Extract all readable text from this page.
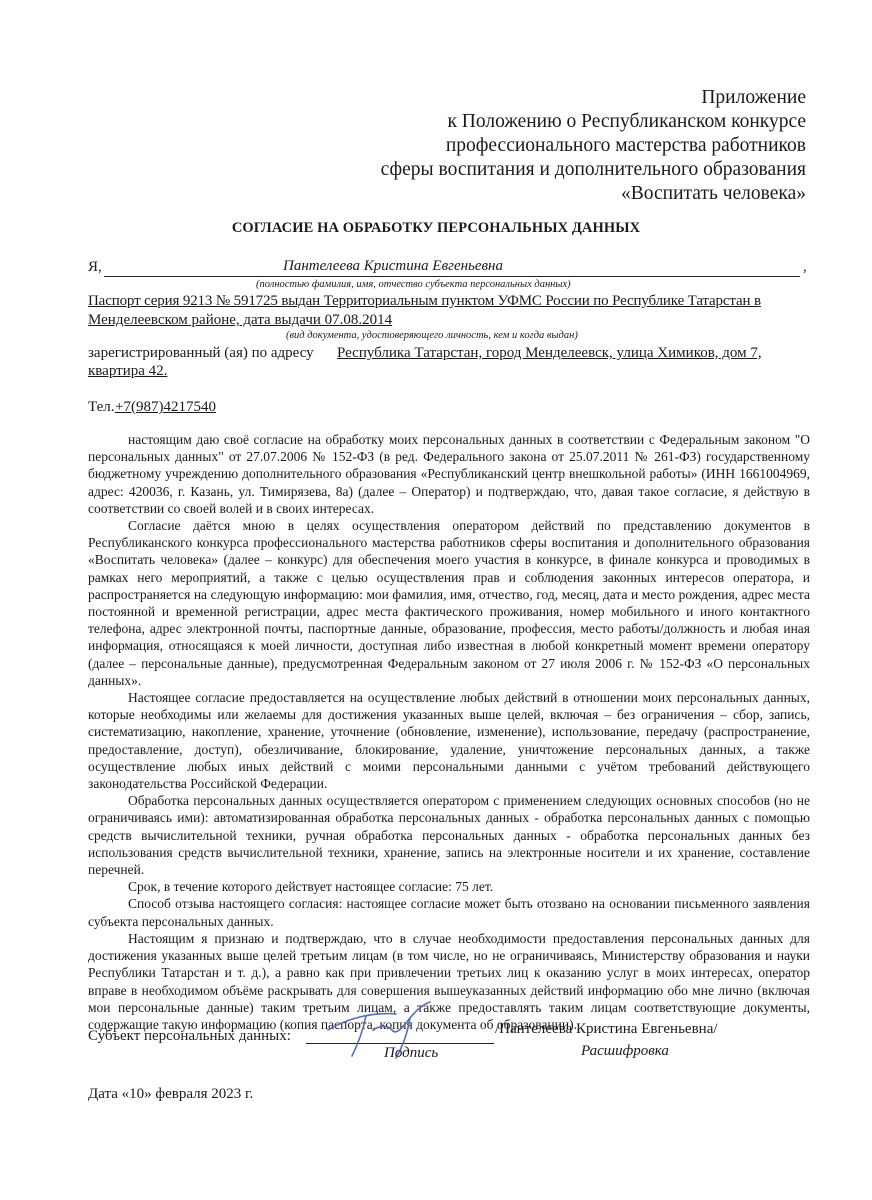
Приложение
к Положению о Республиканском конкурсе
профессионального мастерства работников
сферы воспитания и дополнительного образования
«Воспитать человека»
СОГЛАСИЕ НА ОБРАБОТКУ ПЕРСОНАЛЬНЫХ ДАННЫХ
Я,	Пантелеева Кристина Евгеньевна	,
(полностью фамилия, имя, отчество субъекта персональных данных)
Паспорт серия 9213 № 591725 выдан Территориальным пунктом УФМС России по Республике Татарстан в
Менделеевском районе, дата выдачи 07.08.2014
(вид документа, удостоверяющего личность, кем и когда выдан)
зарегистрированный (ая) по адресу Республика Татарстан, город Менделеевск, улица Химиков, дом 7,
квартира 42.
Тел. +7(987)4217540

настоящим даю своё согласие на обработку моих персональных данных в соответствии с Федеральным законом "О персональных данных" от 27.07.2006 № 152-ФЗ (в ред. Федерального закона от 25.07.2011 № 261-ФЗ) государственному бюджетному учреждению дополнительного образования «Республиканский центр внешкольной работы» (ИНН 1661004969, адрес: 420036, г. Казань, ул. Тимирязева, 8а) (далее – Оператор) и подтверждаю, что, давая такое согласие, я действую в соответствии со своей волей и в своих интересах.

Согласие даётся мною в целях осуществления оператором действий по представлению документов в Республиканского конкурса профессионального мастерства работников сферы воспитания и дополнительного образования «Воспитать человека» (далее – конкурс) для обеспечения моего участия в конкурсе, в финале конкурса и проводимых в рамках него мероприятий, а также с целью осуществления прав и соблюдения законных интересов оператора, и распространяется на следующую информацию: мои фамилия, имя, отчество, год, месяц, дата и место рождения, адрес места постоянной и временной регистрации, адрес места фактического проживания, номер мобильного и иного контактного телефона, адрес электронной почты, паспортные данные, образование, профессия, место работы/должность и любая иная информация, относящаяся к моей личности, доступная либо известная в любой конкретный момент времени оператору (далее – персональные данные), предусмотренная Федеральным законом от 27 июля 2006 г. № 152-ФЗ «О персональных данных».

Настоящее согласие предоставляется на осуществление любых действий в отношении моих персональных данных, которые необходимы или желаемы для достижения указанных выше целей, включая – без ограничения – сбор, запись, систематизацию, накопление, хранение, уточнение (обновление, изменение), использование, передачу (распространение, предоставление, доступ), обезличивание, блокирование, удаление, уничтожение персональных данных, а также осуществление любых иных действий с моими персональными данными с учётом требований действующего законодательства Российской Федерации.

Обработка персональных данных осуществляется оператором с применением следующих основных способов (но не ограничиваясь ими): автоматизированная обработка персональных данных - обработка персональных данных с помощью средств вычислительной техники, ручная обработка персональных данных - обработка персональных данных без использования средств вычислительной техники, хранение, запись на электронные носители и их хранение, составление перечней.

Срок, в течение которого действует настоящее согласие: 75 лет.

Способ отзыва настоящего согласия: настоящее согласие может быть отозвано на основании письменного заявления субъекта персональных данных.

Настоящим я признаю и подтверждаю, что в случае необходимости предоставления персональных данных для достижения указанных выше целей третьим лицам (в том числе, но не ограничиваясь, Министерству образования и науки Республики Татарстан и т. д.), а равно как при привлечении третьих лиц к оказанию услуг в моих интересах, оператор вправе в необходимом объёме раскрывать для совершения вышеуказанных действий информацию обо мне лично (включая мои персональные данные) таким третьим лицам, а также предоставлять таким лицам соответствующие документы, содержащие такую информацию (копия паспорта, копия документа об образовании).

Субъект персональных данных:	/Пантелеева Кристина Евгеньевна/
Подпись	Расшифровка
Дата «10» февраля 2023 г.
